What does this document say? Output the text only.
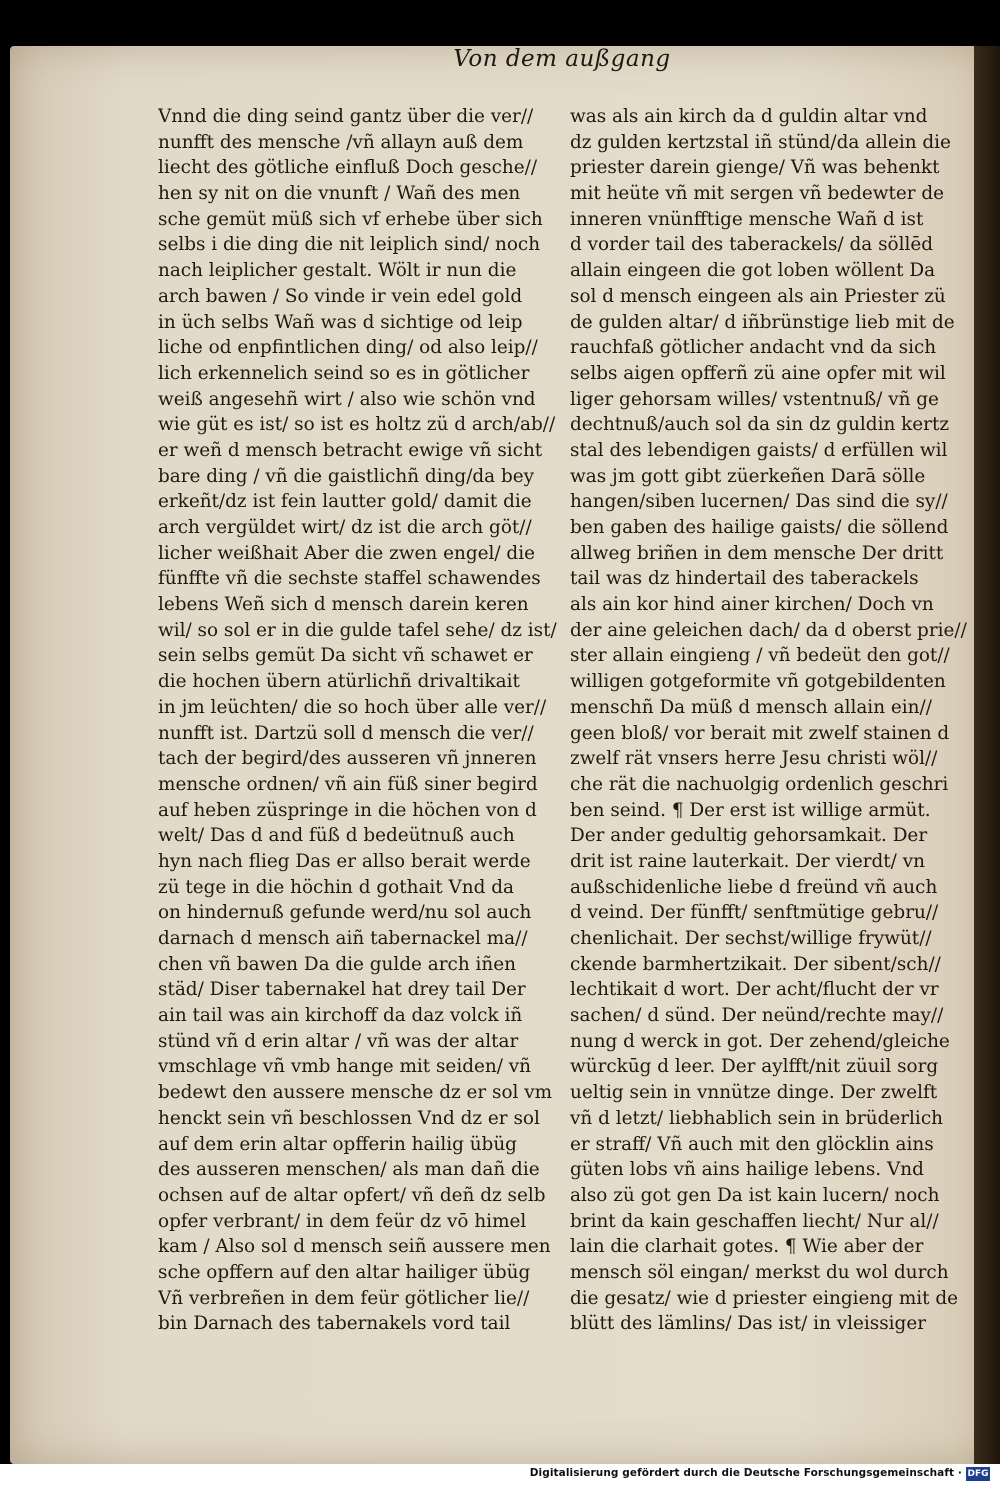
Von dem außgang
Vnnd die ding seind gantz über die ver//
nunfft des mensche /vñ allayn auß dem
liecht des götliche einfluß Doch gesche//
hen sy nit on die vnunft / Wañ des men
sche gemüt müß sich vf erhebe über sich
selbs i die ding die nit leiplich sind/ noch
nach leiplicher gestalt. Wölt ir nun die
arch bawen / So vinde ir vein edel gold
in üch selbs Wañ was d sichtige od leip
liche od enpfintlichen ding/ od also leip//
lich erkennelich seind so es in götlicher
weiß angesehñ wirt / also wie schön vnd
wie güt es ist/ so ist es holtz zü d arch/ab//
er weñ d mensch betracht ewige vñ sicht
bare ding / vñ die gaistlichñ ding/da bey
erkeñt/dz ist fein lautter gold/ damit die
arch vergüldet wirt/ dz ist die arch göt//
licher weißhait Aber die zwen engel/ die
fünffte vñ die sechste staffel schawendes
lebens Weñ sich d mensch darein keren
wil/ so sol er in die gulde tafel sehe/ dz ist/
sein selbs gemüt Da sicht vñ schawet er
die hochen übern atürlichñ drivaltikait
in jm leüchten/ die so hoch über alle ver//
nunfft ist. Dartzü soll d mensch die ver//
tach der begird/des ausseren vñ jnneren
mensche ordnen/ vñ ain füß siner begird
auf heben züspringe in die höchen von d
welt/ Das d and füß d bedeütnuß auch
hyn nach flieg Das er allso berait werde
zü tege in die höchin d gothait Vnd da
on hindernuß gefunde werd/nu sol auch
darnach d mensch aiñ tabernackel ma//
chen vñ bawen Da die gulde arch iñen
städ/ Diser tabernakel hat drey tail Der
ain tail was ain kirchoff da daz volck iñ
stünd vñ d erin altar / vñ was der altar
vmschlage vñ vmb hange mit seiden/ vñ
bedewt den aussere mensche dz er sol vm
henckt sein vñ beschlossen Vnd dz er sol
auf dem erin altar opfferin hailig übüg
des ausseren menschen/ als man dañ die
ochsen auf de altar opfert/ vñ deñ dz selb
opfer verbrant/ in dem feür dz vō himel
kam / Also sol d mensch seiñ aussere men
sche opffern auf den altar hailiger übüg
Vñ verbreñen in dem feür götlicher lie//
bin Darnach des tabernakels vord tail
was als ain kirch da d guldin altar vnd
dz gulden kertzstal iñ stünd/da allein die
priester darein gienge/ Vñ was behenkt
mit heüte vñ mit sergen vñ bedewter de
inneren vnünfftige mensche Wañ d ist
d vorder tail des taberackels/ da söllēd
allain eingeen die got loben wöllent Da
sol d mensch eingeen als ain Priester zü
de gulden altar/ d iñbrünstige lieb mit de
rauchfaß götlicher andacht vnd da sich
selbs aigen opfferñ zü aine opfer mit wil
liger gehorsam willes/ vstentnuß/ vñ ge
dechtnuß/auch sol da sin dz guldin kertz
stal des lebendigen gaists/ d erfüllen wil
was jm gott gibt züerkeñen Darā sölle
hangen/siben lucernen/ Das sind die sy//
ben gaben des hailige gaists/ die söllend
allweg briñen in dem mensche Der dritt
tail was dz hindertail des taberackels
als ain kor hind ainer kirchen/ Doch vn
der aine geleichen dach/ da d oberst prie//
ster allain eingieng / vñ bedeüt den got//
willigen gotgeformite vñ gotgebildenten
menschñ Da müß d mensch allain ein//
geen bloß/ vor berait mit zwelf stainen d
zwelf rät vnsers herre Jesu christi wöl//
che rät die nachuolgig ordenlich geschri
ben seind. ¶ Der erst ist willige armüt.
Der ander gedultig gehorsamkait. Der
drit ist raine lauterkait. Der vierdt/ vn
außschidenliche liebe d freünd vñ auch
d veind. Der fünfft/ senftmütige gebru//
chenlichait. Der sechst/willige frywüt//
ckende barmhertzikait. Der sibent/sch//
lechtikait d wort. Der acht/flucht der vr
sachen/ d sünd. Der neünd/rechte may//
nung d werck in got. Der zehend/gleiche
würckūg d leer. Der aylfft/nit züuil sorg
ueltig sein in vnnütze dinge. Der zwelft
vñ d letzt/ liebhablich sein in brüderlich
er straff/ Vñ auch mit den glöcklin ains
güten lobs vñ ains hailige lebens. Vnd
also zü got gen Da ist kain lucern/ noch
brint da kain geschaffen liecht/ Nur al//
lain die clarhait gotes. ¶ Wie aber der
mensch söl eingan/ merkst du wol durch
die gesatz/ wie d priester eingieng mit de
blütt des lämlins/ Das ist/ in vleissiger
Digitalisierung gefördert durch die Deutsche Forschungsgemeinschaft · DFG
